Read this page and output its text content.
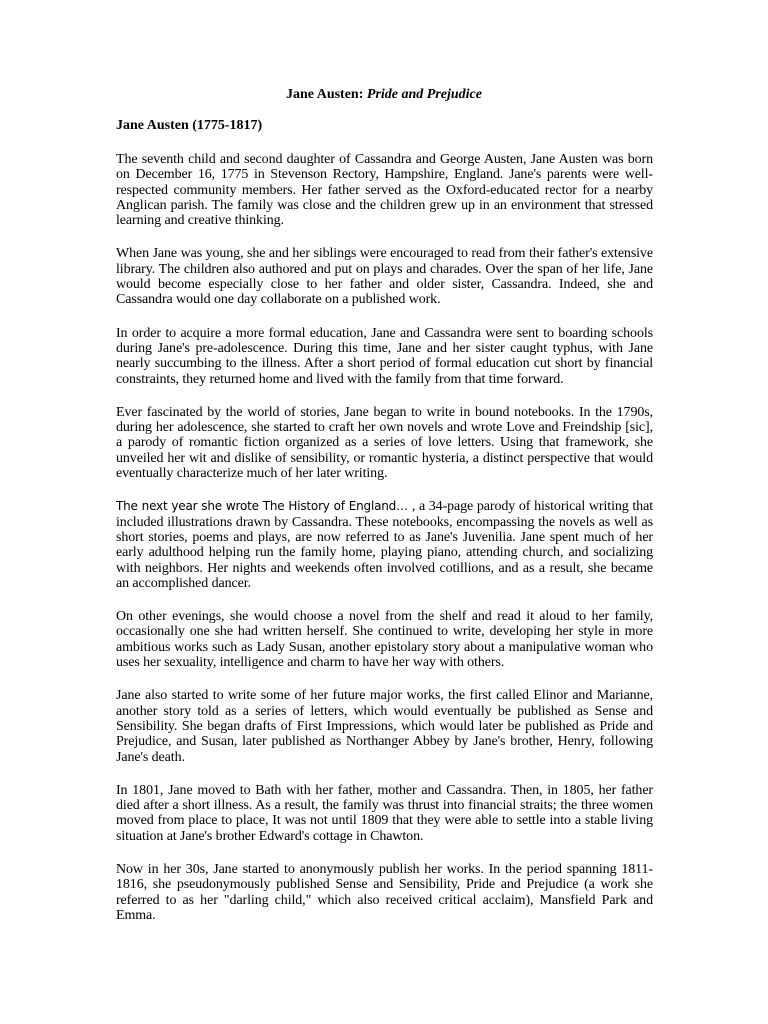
Jane Austen: Pride and Prejudice
Jane Austen (1775-1817)

The seventh child and second daughter of Cassandra and George Austen, Jane Austen was born on December 16, 1775 in Stevenson Rectory, Hampshire, England. Jane's parents were well-respected community members. Her father served as the Oxford-educated rector for a nearby Anglican parish. The family was close and the children grew up in an environment that stressed learning and creative thinking.

When Jane was young, she and her siblings were encouraged to read from their father's extensive library. The children also authored and put on plays and charades. Over the span of her life, Jane would become especially close to her father and older sister, Cassandra. Indeed, she and Cassandra would one day collaborate on a published work.

In order to acquire a more formal education, Jane and Cassandra were sent to boarding schools during Jane's pre-adolescence. During this time, Jane and her sister caught typhus, with Jane nearly succumbing to the illness. After a short period of formal education cut short by financial constraints, they returned home and lived with the family from that time forward.

Ever fascinated by the world of stories, Jane began to write in bound notebooks. In the 1790s, during her adolescence, she started to craft her own novels and wrote Love and Freindship [sic], a parody of romantic fiction organized as a series of love letters. Using that framework, she unveiled her wit and dislike of sensibility, or romantic hysteria, a distinct perspective that would eventually characterize much of her later writing.

The next year she wrote The History of England… , a 34-page parody of historical writing that included illustrations drawn by Cassandra. These notebooks, encompassing the novels as well as short stories, poems and plays, are now referred to as Jane's Juvenilia. Jane spent much of her early adulthood helping run the family home, playing piano, attending church, and socializing with neighbors. Her nights and weekends often involved cotillions, and as a result, she became an accomplished dancer.

On other evenings, she would choose a novel from the shelf and read it aloud to her family, occasionally one she had written herself. She continued to write, developing her style in more ambitious works such as Lady Susan, another epistolary story about a manipulative woman who uses her sexuality, intelligence and charm to have her way with others.

Jane also started to write some of her future major works, the first called Elinor and Marianne, another story told as a series of letters, which would eventually be published as Sense and Sensibility. She began drafts of First Impressions, which would later be published as Pride and Prejudice, and Susan, later published as Northanger Abbey by Jane's brother, Henry, following Jane's death.

In 1801, Jane moved to Bath with her father, mother and Cassandra. Then, in 1805, her father died after a short illness. As a result, the family was thrust into financial straits; the three women moved from place to place, It was not until 1809 that they were able to settle into a stable living situation at Jane's brother Edward's cottage in Chawton.

Now in her 30s, Jane started to anonymously publish her works. In the period spanning 1811-1816, she pseudonymously published Sense and Sensibility, Pride and Prejudice (a work she referred to as her "darling child," which also received critical acclaim), Mansfield Park and Emma.
